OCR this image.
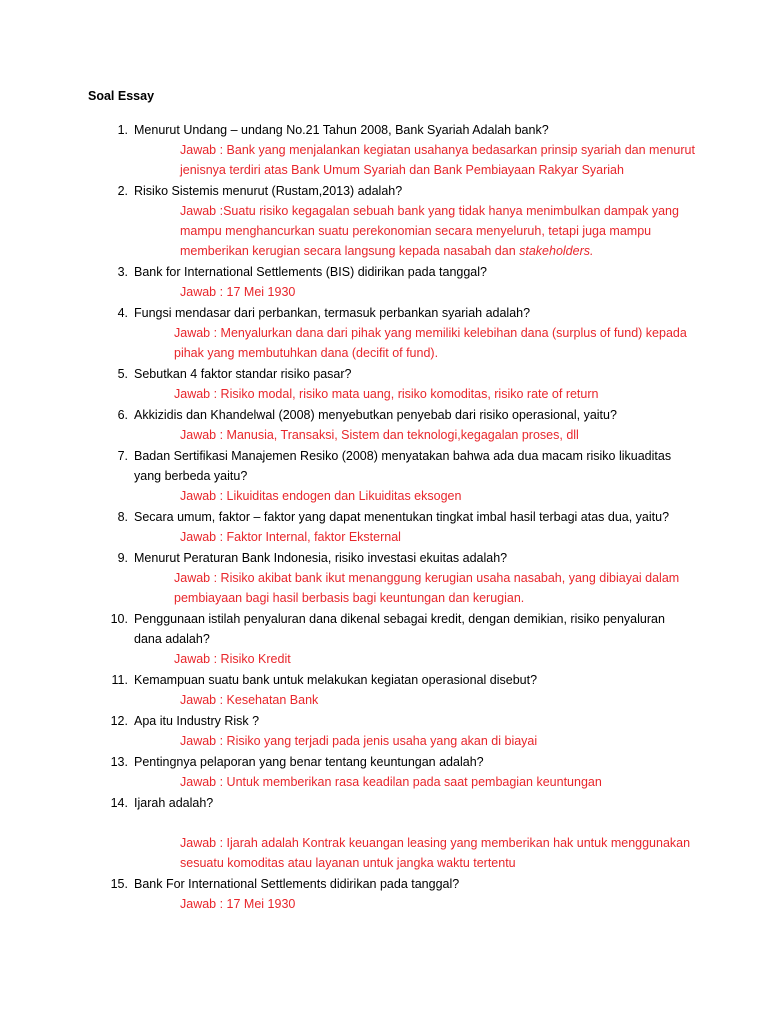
Soal Essay
Menurut Undang – undang No.21 Tahun 2008, Bank Syariah Adalah bank?
Jawab : Bank yang menjalankan kegiatan usahanya bedasarkan prinsip syariah dan menurut jenisnya terdiri atas Bank Umum Syariah dan Bank Pembiayaan Rakyar Syariah
Risiko Sistemis menurut (Rustam,2013) adalah?
Jawab :Suatu risiko kegagalan sebuah bank yang tidak hanya menimbulkan dampak yang mampu menghancurkan suatu perekonomian secara menyeluruh, tetapi juga mampu memberikan kerugian secara langsung kepada nasabah dan stakeholders.
Bank for International Settlements (BIS) didirikan pada tanggal?
Jawab : 17 Mei 1930
Fungsi mendasar dari perbankan, termasuk perbankan syariah adalah?
Jawab : Menyalurkan dana dari pihak yang memiliki kelebihan dana (surplus of fund) kepada pihak yang membutuhkan dana (decifit of fund).
Sebutkan 4 faktor standar risiko pasar?
Jawab : Risiko modal, risiko mata uang, risiko komoditas, risiko rate of return
Akkizidis dan Khandelwal (2008) menyebutkan penyebab dari risiko operasional, yaitu?
Jawab : Manusia, Transaksi, Sistem dan teknologi,kegagalan proses, dll
Badan Sertifikasi Manajemen Resiko (2008) menyatakan bahwa ada dua macam risiko likuaditas yang berbeda yaitu?
Jawab : Likuiditas endogen dan Likuiditas eksogen
Secara umum, faktor – faktor yang dapat menentukan tingkat imbal hasil terbagi atas dua, yaitu?
Jawab : Faktor Internal, faktor Eksternal
Menurut Peraturan Bank Indonesia, risiko investasi ekuitas adalah?
Jawab : Risiko akibat bank ikut menanggung kerugian usaha nasabah, yang dibiayai dalam pembiayaan bagi hasil berbasis bagi keuntungan dan kerugian.
Penggunaan istilah penyaluran dana dikenal sebagai kredit, dengan demikian, risiko penyaluran dana adalah?
Jawab : Risiko Kredit
Kemampuan suatu bank untuk melakukan kegiatan operasional disebut?
Jawab : Kesehatan Bank
Apa itu Industry Risk ?
Jawab : Risiko yang terjadi pada jenis usaha yang akan di biayai
Pentingnya pelaporan yang benar tentang keuntungan adalah?
Jawab : Untuk memberikan rasa keadilan pada saat pembagian keuntungan
Ijarah adalah?
Jawab : Ijarah adalah Kontrak keuangan leasing yang memberikan hak untuk menggunakan sesuatu komoditas atau layanan untuk jangka waktu tertentu
Bank For International Settlements didirikan pada tanggal?
Jawab : 17 Mei 1930
